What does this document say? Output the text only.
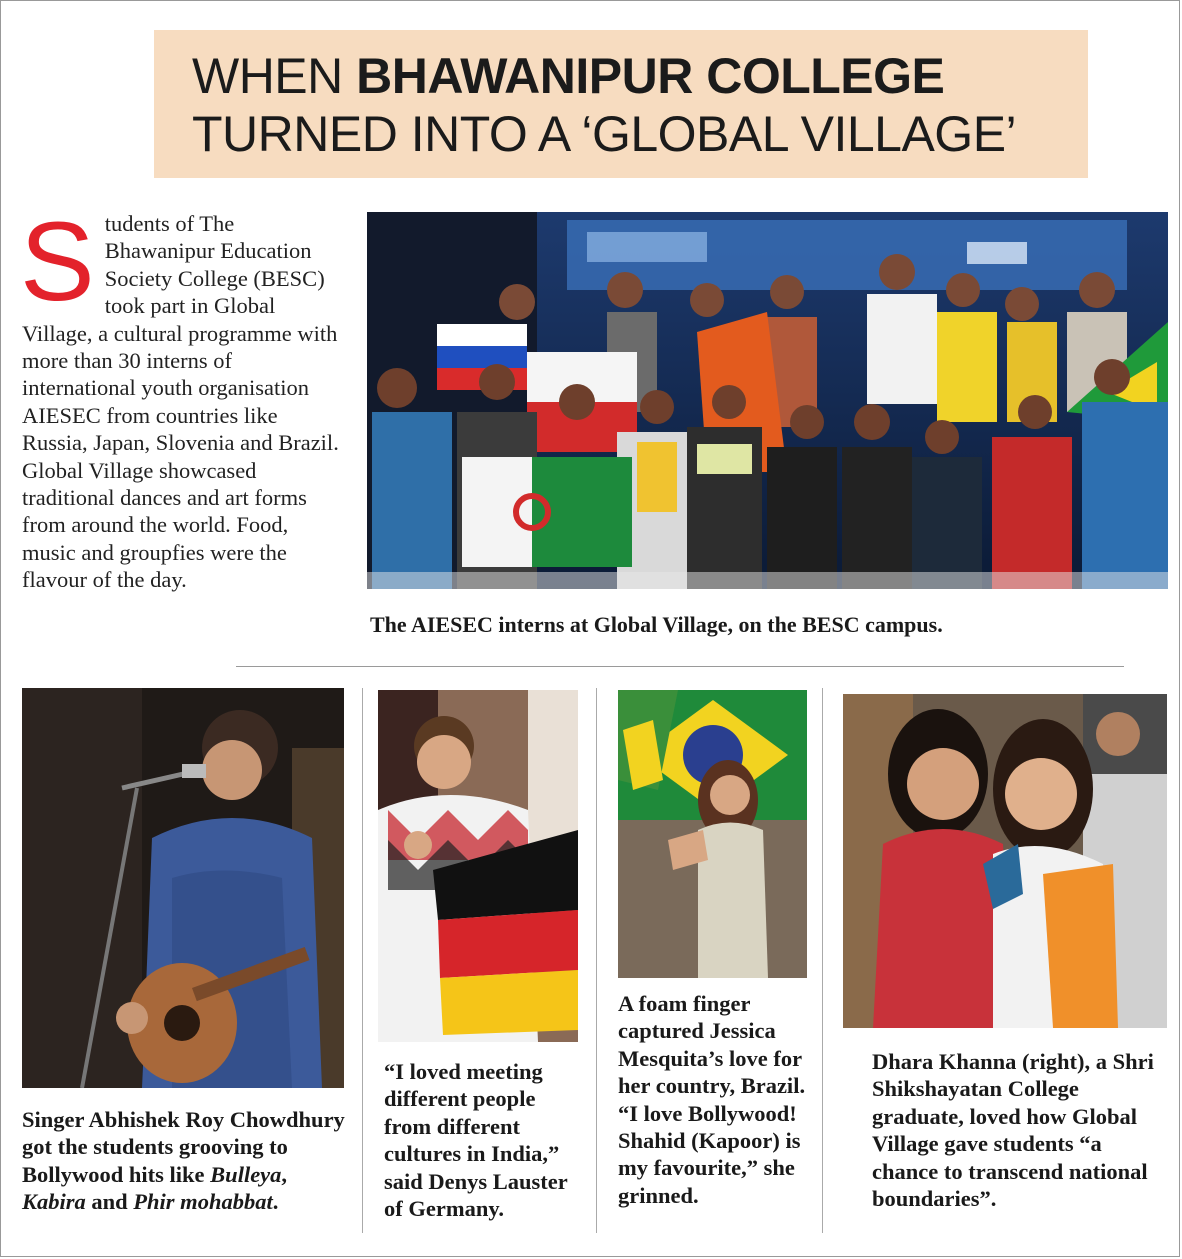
WHEN BHAWANIPUR COLLEGE
TURNED INTO A ‘GLOBAL VILLAGE’
Students of The Bhawanipur Education Society College (BESC) took part in Global Village, a cultural programme with more than 30 interns of international youth organisation AIESEC from countries like Russia, Japan, Slovenia and Brazil. Global Village showcased traditional dances and art forms from around the world. Food, music and groupfies were the flavour of the day.
The AIESEC interns at Global Village, on the BESC campus.
Singer Abhishek Roy Chowdhury got the students grooving to Bollywood hits like Bulleya, Kabira and Phir mohabbat.
“I loved meeting different people from different cultures in India,” said Denys Lauster of Germany.
A foam finger captured Jessica Mesquita’s love for her country, Brazil. “I love Bollywood! Shahid (Kapoor) is my favourite,” she grinned.
Dhara Khanna (right), a Shri Shikshayatan College graduate, loved how Global Village gave students “a chance to transcend national boundaries”.
